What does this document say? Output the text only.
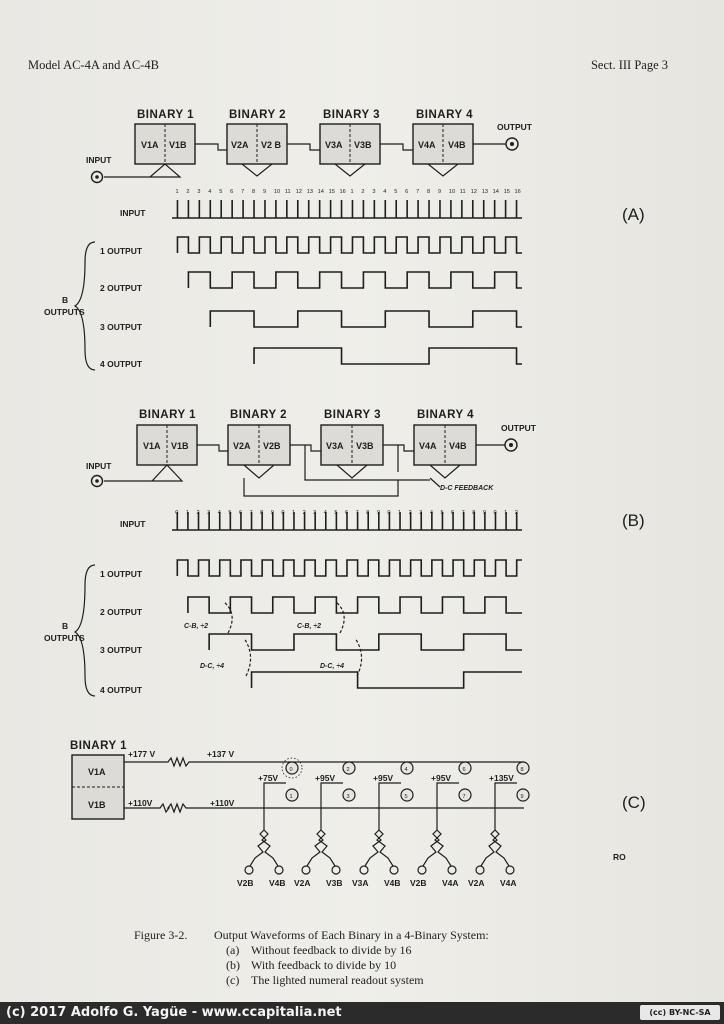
Model AC-4A and AC-4B	Sect. III Page 3
BINARY 1	BINARY 2	BINARY 3	BINARY 4
V1A V1B	V2A V2 B	V3A V3B	V4A V4B
OUTPUT
INPUT
INPUT
1 OUTPUT
2 OUTPUT
3 OUTPUT
4 OUTPUT
B
OUTPUTS
(A)
1 2 3 4 5 6 7 8 9 10 11 12 13 14 15 16 1 2 3 4 5 6 7 8 9 10 11 12 13 14 15 16
BINARY 1	BINARY 2	BINARY 3	BINARY 4
V1A V1B	V2A V2B	V3A V3B	V4A V4B
OUTPUT
INPUT
D-C FEEDBACK
INPUT
1 OUTPUT
2 OUTPUT
3 OUTPUT
4 OUTPUT
B
OUTPUTS
(B)
C-B, ÷2	C-B, ÷2
D-C, ÷4	D-C, ÷4
0 1 2 3 4 5 6 7 8 9 0 1 2 3 4 5 6 7 8 9 0 1 2 3 4 5 6 7 8 9 0 1 2
BINARY 1
V1A
V1B
+177 V	+137 V
+110V	+110V
0
1
+75V
V2B V4B
2
3
+95V
V2A V3B
4
5
+95V
V3A V4B
6
7
+95V
V2B V4A
8
9
+135V
V2A V4A
(C)
RO
Figure 3-2. Output Waveforms of Each Binary in a 4-Binary System:
(a) Without feedback to divide by 16
(b) With feedback to divide by 10
(c) The lighted numeral readout system
(c) 2017 Adolfo G. Yagüe - www.ccapitalia.net	(cc) BY-NC-SA
